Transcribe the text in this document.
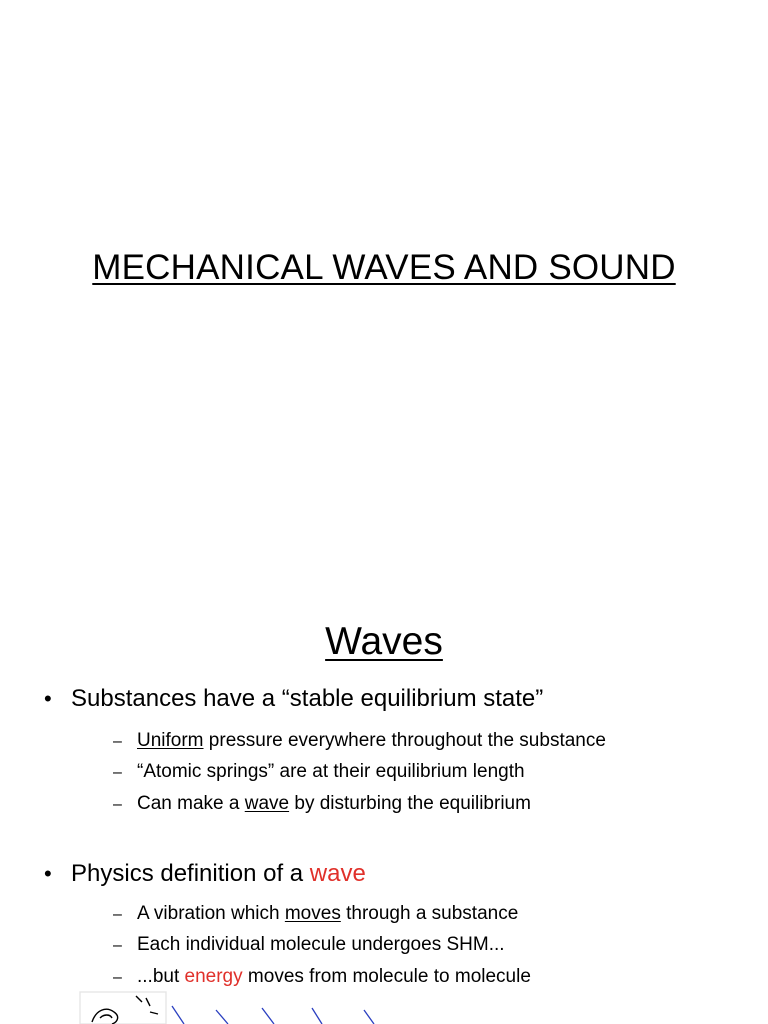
MECHANICAL WAVES AND SOUND
Waves
• Substances have a “stable equilibrium state”
– Uniform pressure everywhere throughout the substance
– “Atomic springs” are at their equilibrium length
– Can make a wave by disturbing the equilibrium
• Physics definition of a wave
– A vibration which moves through a substance
– Each individual molecule undergoes SHM...
– ...but energy moves from molecule to molecule
